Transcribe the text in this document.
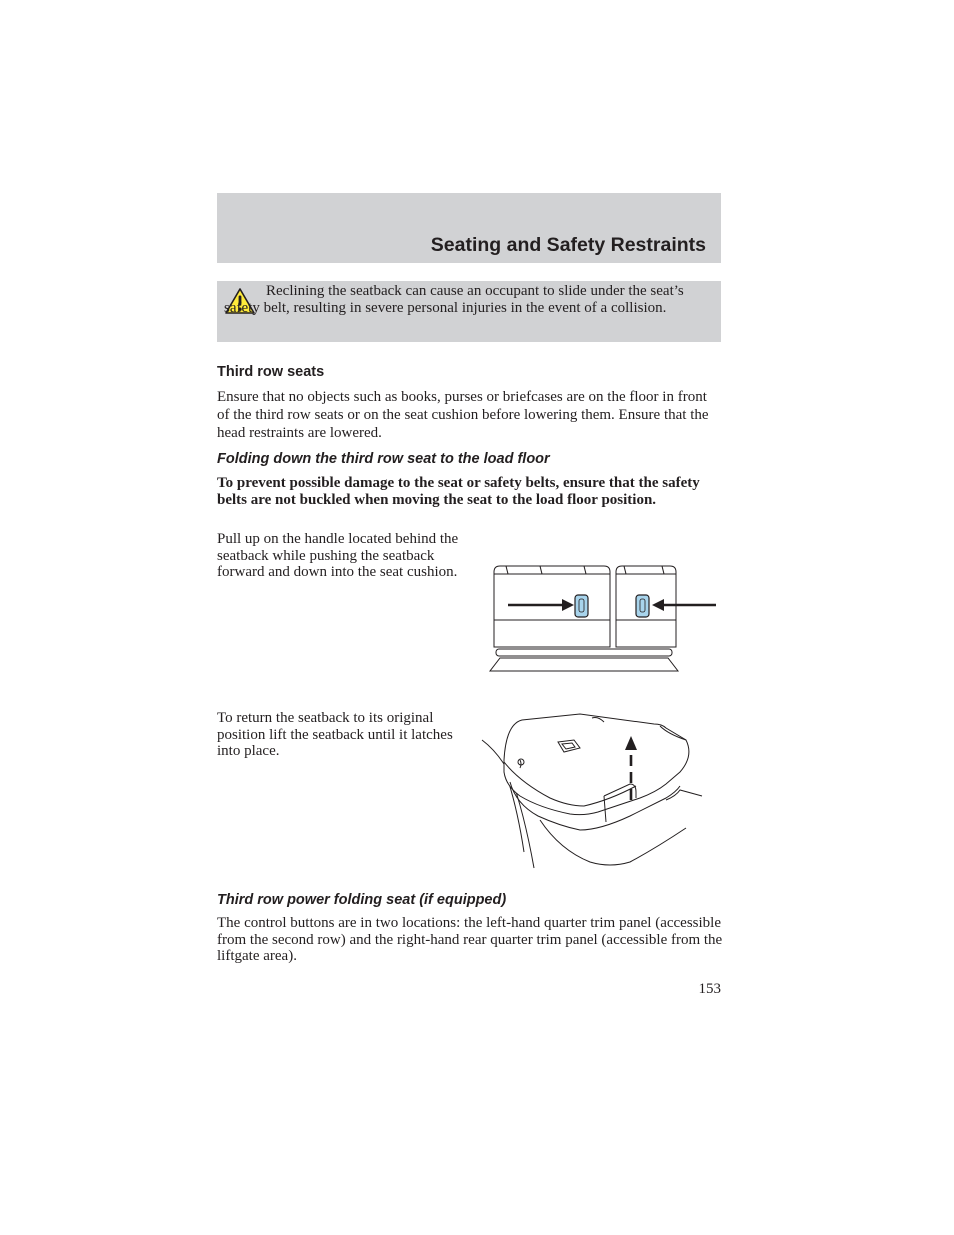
Seating and Safety Restraints

Reclining the seatback can cause an occupant to slide under the seat’s safety belt, resulting in severe personal injuries in the event of a collision.

Third row seats

Ensure that no objects such as books, purses or briefcases are on the floor in front of the third row seats or on the seat cushion before lowering them. Ensure that the head restraints are lowered.

Folding down the third row seat to the load floor

To prevent possible damage to the seat or safety belts, ensure that the safety belts are not buckled when moving the seat to the load floor position.

Pull up on the handle located behind the seatback while pushing the seatback forward and down into the seat cushion.

To return the seatback to its original position lift the seatback until it latches into place.

Third row power folding seat (if equipped)

The control buttons are in two locations: the left-hand quarter trim panel (accessible from the second row) and the right-hand rear quarter trim panel (accessible from the liftgate area).

153
